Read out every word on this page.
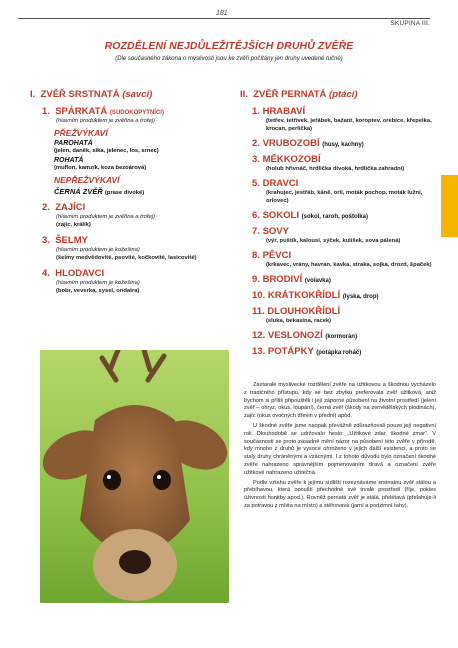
181
SKUPINA III.
ROZDĚLENÍ NEJDŮLEŽITĚJŠÍCH DRUHŮ ZVĚŘE
(Dle současného zákona o myslivosti jsou ke zvěři počítány jen druhy uvedené tučně)
I. ZVĚŘ SRSTNATÁ (savci)
1. SPÁRKATÁ (SUDOKOPYTNÍCI)
(hlavním produktem je zvěřina a trofej)
PŘEŽVÝKAVÍ
PAROHATÁ
(jelen, daněk, sika, jelenec, los, srnec)
ROHATÁ
(muflon, kamzík, koza bezoárová)
NEPŘEŽVÝKAVÍ
ČERNÁ ZVĚŘ (prase divoké)
2. ZAJÍCI
(hlavním produktem je zvěřina a trofej)
(zajíc, králík)
3. ŠELMY
(hlavním produktem je kožešina)
(šelmy medvědovité, psovité, kočkovité, lasicovité)
4. HLODAVCI
(hlavním produktem je kožešina)
(bobr, veverka, sysel, ondatra)
II. ZVĚŘ PERNATÁ (ptáci)
1. HRABAVÍ
(tetřev, tetřívek, jeřábek, bažant, koroptev, orebice, křepelka, krocan, perlička)
2. VRUBOZOBÍ (husy, kachny)
3. MĚKKOZOBÍ
(holub hřivnáč, hrdlička divoká, hrdlička zahradní)
5. DRAVCI
(krahujec, jestřáb, káně, orli, moták pochop, moták lužní, orlovec)
6. SOKOLI (sokol, raroh, poštolka)
7. SOVY
(výr, puštík, kalousi, sýček, kulíšek, sova pálená)
8. PĚVCI
(krkavec, vrány, havran, kavka, straka, sojka, drozd, špaček)
9. BRODIVÍ (volavka)
10. KRÁTKOKŘÍDLÍ (lyska, drop)
11. DLOUHOKŘÍDLÍ
(sluka, bekasina, racek)
12. VESLONOZÍ (kormorán)
13. POTÁPKY (potápka roháč)

Zastaralé myslivecké rozdělení zvěře na užitkovou a škodnou vycházelo z tradičního přístupu, kdy se bez zbytku preferovala zvěř užitková, aniž bychom si příliš připouštěli i její záporné působení na životní prostředí (jelení zvěř – ohryz, okus, loupání), černá zvěř (škody na zemědělských plodinách), zajíc (okus ovocných dřevin v přední) apod.

U škodné zvěře jsme naopak převážně zdůrazňovali pouze její negativní roli. Dlouhodobě se udržovalo heslo: „Užitkové zdar, škodné zmar“. V současnosti se proto zásadně mění názor na působení této zvěře v přírodě, kdy mnoho z druhů je vysoce ohroženo v jejich další existenci, a proto se staly druhy chráněnými a vzácnými. I z tohoto důvodu bylo označení škodné zvěře nahrazeno správnějším pojmenováním dravá a označení zvěře užitkové nahrazeno užitečná.

Podle vztahu zvěře k jejímu sídlišti rozeznáváme srstnatou zvěř stálou a přebíhavou, která opouští přechodně své trvalé prostředí (říje, pokles úživnosti honitby apod.). Rovněž pernatá zvěř je stálá, přelétavá (přelahuje-li za potravou z místa na místo) a stěhovavá (jarní a podzimní tahy).
